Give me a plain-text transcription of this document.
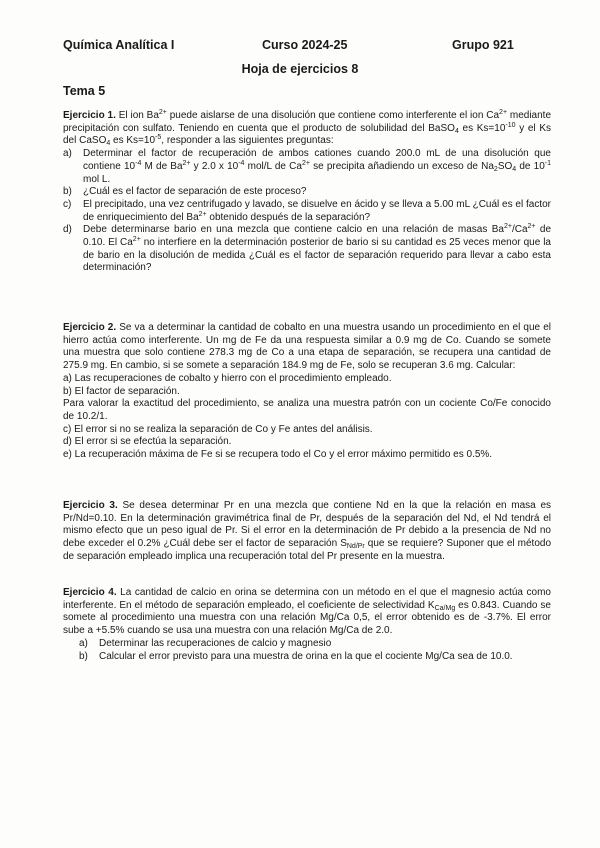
Química Analítica I	Curso 2024-25	Grupo 921
Hoja de ejercicios 8
Tema 5

Ejercicio 1. El ion $Ba^{2+}$ puede aislarse de una disolución que contiene como interferente el ion $Ca^{2+}$ mediante precipitación con sulfato. Teniendo en cuenta que el producto de solubilidad del BaSO$_4$ es $Ks=10^{-10}$ y el Ks del CaSO$_4$ es $Ks=10^{-5}$, responder a las siguientes preguntas:

a) Determinar el factor de recuperación de ambos cationes cuando 200.0 mL de una disolución que contiene $10^{-4}$ M de $Ba^{2+}$ y 2.0 x $10^{-4}$ mol/L de $Ca^{2+}$ se precipita añadiendo un exceso de $Na_2SO_4$ de $10^{-1}$ mol L.
b) ¿Cuál es el factor de separación de este proceso?
c) El precipitado, una vez centrifugado y lavado, se disuelve en ácido y se lleva a 5.00 mL ¿Cuál es el factor de enriquecimiento del $Ba^{2+}$ obtenido después de la separación?
d) Debe determinarse bario en una mezcla que contiene calcio en una relación de masas $Ba^{2+}/Ca^{2+}$ de 0.10. El $Ca^{2+}$ no interfiere en la determinación posterior de bario si su cantidad es 25 veces menor que la de bario en la disolución de medida ¿Cuál es el factor de separación requerido para llevar a cabo esta determinación?

Ejercicio 2. Se va a determinar la cantidad de cobalto en una muestra usando un procedimiento en el que el hierro actúa como interferente. Un mg de Fe da una respuesta similar a 0.9 mg de Co. Cuando se somete una muestra que solo contiene 278.3 mg de Co a una etapa de separación, se recupera una cantidad de 275.9 mg. En cambio, si se somete a separación 184.9 mg de Fe, solo se recuperan 3.6 mg. Calcular:

a) Las recuperaciones de cobalto y hierro con el procedimiento empleado.

b) El factor de separación.

Para valorar la exactitud del procedimiento, se analiza una muestra patrón con un cociente Co/Fe conocido de 10.2/1.

c) El error si no se realiza la separación de Co y Fe antes del análisis.

d) El error si se efectúa la separación.

e) La recuperación máxima de Fe si se recupera todo el Co y el error máximo permitido es 0.5%.

Ejercicio 3. Se desea determinar Pr en una mezcla que contiene Nd en la que la relación en masa es Pr/Nd=0.10. En la determinación gravimétrica final de Pr, después de la separación del Nd, el Nd tendrá el mismo efecto que un peso igual de Pr. Si el error en la determinación de Pr debido a la presencia de Nd no debe exceder el 0.2% ¿Cuál debe ser el factor de separación $S_{Nd/Pr}$ que se requiere? Suponer que el método de separación empleado implica una recuperación total del Pr presente en la muestra.

Ejercicio 4. La cantidad de calcio en orina se determina con un método en el que el magnesio actúa como interferente. En el método de separación empleado, el coeficiente de selectividad $K_{Ca/Mg}$ es 0.843. Cuando se somete al procedimiento una muestra con una relación Mg/Ca 0,5, el error obtenido es de -3.7%. El error sube a +5.5% cuando se usa una muestra con una relación Mg/Ca de 2.0.

a) Determinar las recuperaciones de calcio y magnesio
b) Calcular el error previsto para una muestra de orina en la que el cociente Mg/Ca sea de 10.0.
